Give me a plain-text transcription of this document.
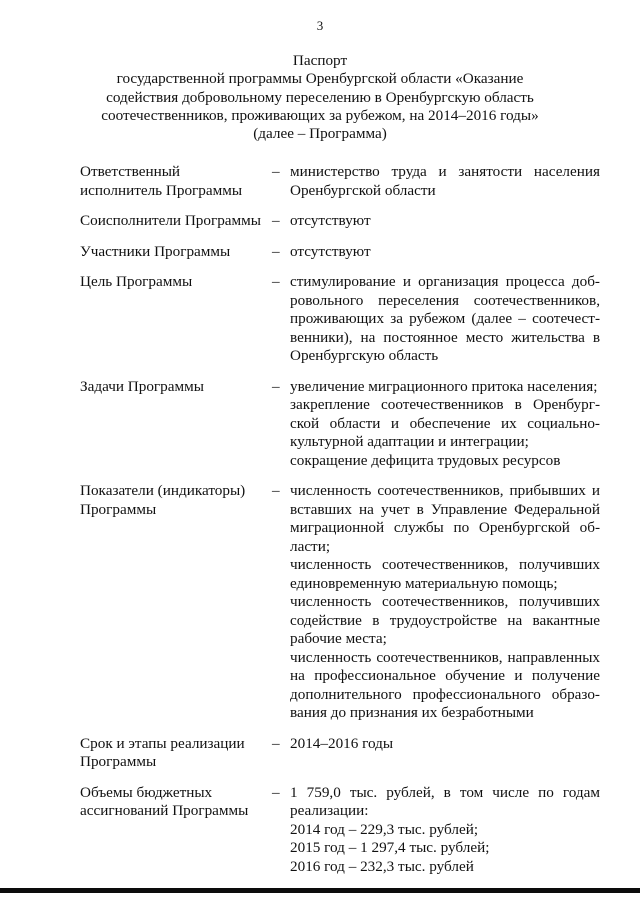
3
Паспорт
государственной программы Оренбургской области «Оказание
содействия добровольному переселению в Оренбургскую область
соотечественников, проживающих за рубежом, на 2014–2016 годы»
(далее – Программа)
Ответственный
исполнитель Программы
– министерство труда и занятости населения
Оренбургской области
Соисполнители Программы – отсутствуют
Участники Программы	– отсутствуют
Цель Программы	– стимулирование и организация процесса доб-
ровольного переселения соотечественников,
проживающих за рубежом (далее – соотечест-
венники), на постоянное место жительства в
Оренбургскую область
Задачи Программы	– увеличение миграционного притока населения;
закрепление соотечественников в Оренбург-
ской области и обеспечение их социально-
культурной адаптации и интеграции;
сокращение дефицита трудовых ресурсов
Показатели (индикаторы)
Программы
– численность соотечественников, прибывших и
вставших на учет в Управление Федеральной
миграционной службы по Оренбургской об-
ласти;
численность соотечественников, получивших
единовременную материальную помощь;
численность соотечественников, получивших
содействие в трудоустройстве на вакантные
рабочие места;
численность соотечественников, направленных
на профессиональное обучение и получение
дополнительного профессионального образо-
вания до признания их безработными
Срок и этапы реализации
Программы
– 2014–2016 годы
Объемы бюджетных
ассигнований Программы
– 1 759,0 тыс. рублей, в том числе по годам
реализации:
2014 год – 229,3 тыс. рублей;
2015 год – 1 297,4 тыс. рублей;
2016 год – 232,3 тыс. рублей
